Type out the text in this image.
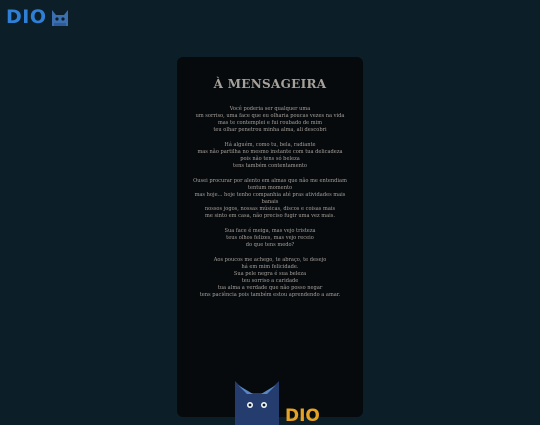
DIO
À MENSAGEIRA
Você poderia ser qualquer uma
um sorriso, uma face que eu olharia poucas vezes na vida
mas te contemplei e fui roubado de mim
teu olhar penetrou minha alma, ali descobri
Há alguém, como tu, bela, radiante
mas não partilha no mesmo instante com tua delicadeza
pois não tens só beleza
tens também contentamento
Ousei procurar por alento em almas que não me entendiam
tentum momento
mas hoje... hoje tenho companhia até pras atividades mais banais
nossos jogos, nossas músicas, discos e coisas mais
me sinto em casa, não preciso fugir uma vez mais.
Sua face é meiga, mas vejo tristeza
teus olhos felizes, mas vejo receio
do que tens medo?
Aos poucos me achego, te abraço, te desejo
há em mim felicidade.
Sua pele negra é sua beleza
teu sorriso a caridade
tua alma a verdade que não posso negar
tens paciência pois também estou aprendendo a amar.
DIO
